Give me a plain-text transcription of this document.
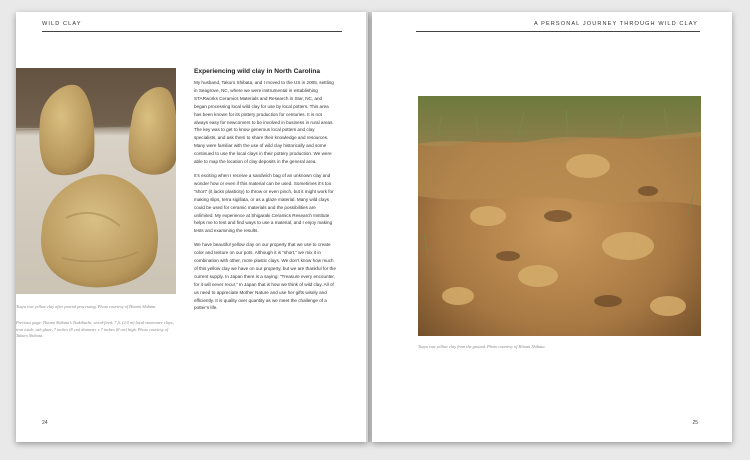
WILD CLAY
Tsuyu raw yellow clay after partial processing. Photo courtesy of Hitomi Shibata.
Previous page: Hitomi Shibata’s Tsukibachi, wood-fired, 7 ft. (2.0 m) local stoneware clays, iron oxide, ash glaze, 7 inches (8 cm) diameter x 7 inches (8 cm) high. Photo courtesy of Takuro Shibata.
Experiencing wild clay in North Carolina

My husband, Takuro Shibata, and I moved to the US in 2005, settling in Seagrove, NC, where we were instrumental in establishing STARworks Ceramics Materials and Research in Star, NC, and began processing local wild clay for use by local potters. This area has been known for its pottery production for centuries. It is not always easy for newcomers to be involved in business in rural areas. The key was to get to know generous local potters and clay specialists, and ask them to share their knowledge and resources. Many were familiar with the use of wild clay historically and some continued to use the local clays in their pottery production. We were able to map the location of clay deposits in the general area.

It’s exciting when I receive a sandwich bag of an unknown clay and wonder how or even if this material can be used. Sometimes it’s too “short” (it lacks plasticity) to throw or even pinch, but it might work for making slips, terra sigillata, or as a glaze material. Many wild clays could be used for ceramic materials and the possibilities are unlimited. My experience at Shigaraki Ceramics Research Institute helps me to test and find ways to use a material, and I enjoy making tests and examining the results.

We have beautiful yellow clay on our property that we use to create color and texture on our pots. Although it is “short,” we mix it in combination with other, more plastic clays. We don’t know how much of this yellow clay we have on our property, but we are thankful for the current supply. In Japan there is a saying: “Treasure every encounter, for it will never recur.” In Japan that is how we think of wild clay. All of us need to appreciate Mother Nature and use her gifts wisely and efficiently. It is quality over quantity as we meet the challenge of a potter’s life.

24
A PERSONAL JOURNEY THROUGH WILD CLAY
Tsuyu raw yellow clay from the ground. Photo courtesy of Hitomi Shibata.
25
